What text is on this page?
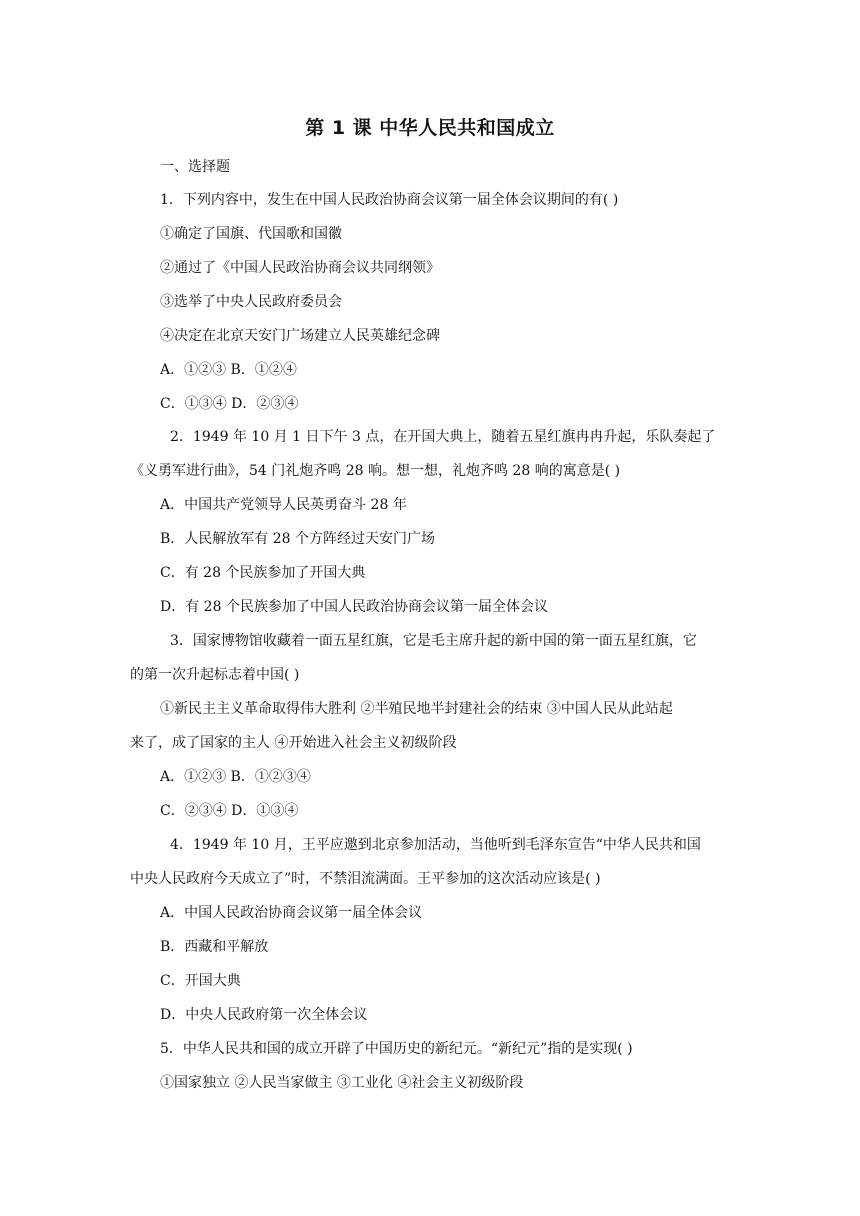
第 1 课 中华人民共和国成立
一、选择题
1．下列内容中，发生在中国人民政治协商会议第一届全体会议期间的有( )
①确定了国旗、代国歌和国徽
②通过了《中国人民政治协商会议共同纲领》
③选举了中央人民政府委员会
④决定在北京天安门广场建立人民英雄纪念碑
A．①②③ B．①②④
C．①③④ D．②③④
2．1949 年 10 月 1 日下午 3 点，在开国大典上，随着五星红旗冉冉升起，乐队奏起了
《义勇军进行曲》，54 门礼炮齐鸣 28 响。想一想，礼炮齐鸣 28 响的寓意是( )
A．中国共产党领导人民英勇奋斗 28 年
B．人民解放军有 28 个方阵经过天安门广场
C．有 28 个民族参加了开国大典
D．有 28 个民族参加了中国人民政治协商会议第一届全体会议
3．国家博物馆收藏着一面五星红旗，它是毛主席升起的新中国的第一面五星红旗，它
的第一次升起标志着中国( )
①新民主主义革命取得伟大胜利 ②半殖民地半封建社会的结束 ③中国人民从此站起
来了，成了国家的主人 ④开始进入社会主义初级阶段
A．①②③ B．①②③④
C．②③④ D．①③④
4．1949 年 10 月，王平应邀到北京参加活动，当他听到毛泽东宣告“中华人民共和国
中央人民政府今天成立了”时，不禁泪流满面。王平参加的这次活动应该是( )
A．中国人民政治协商会议第一届全体会议
B．西藏和平解放
C．开国大典
D．中央人民政府第一次全体会议
5．中华人民共和国的成立开辟了中国历史的新纪元。“新纪元”指的是实现( )
①国家独立 ②人民当家做主 ③工业化 ④社会主义初级阶段
